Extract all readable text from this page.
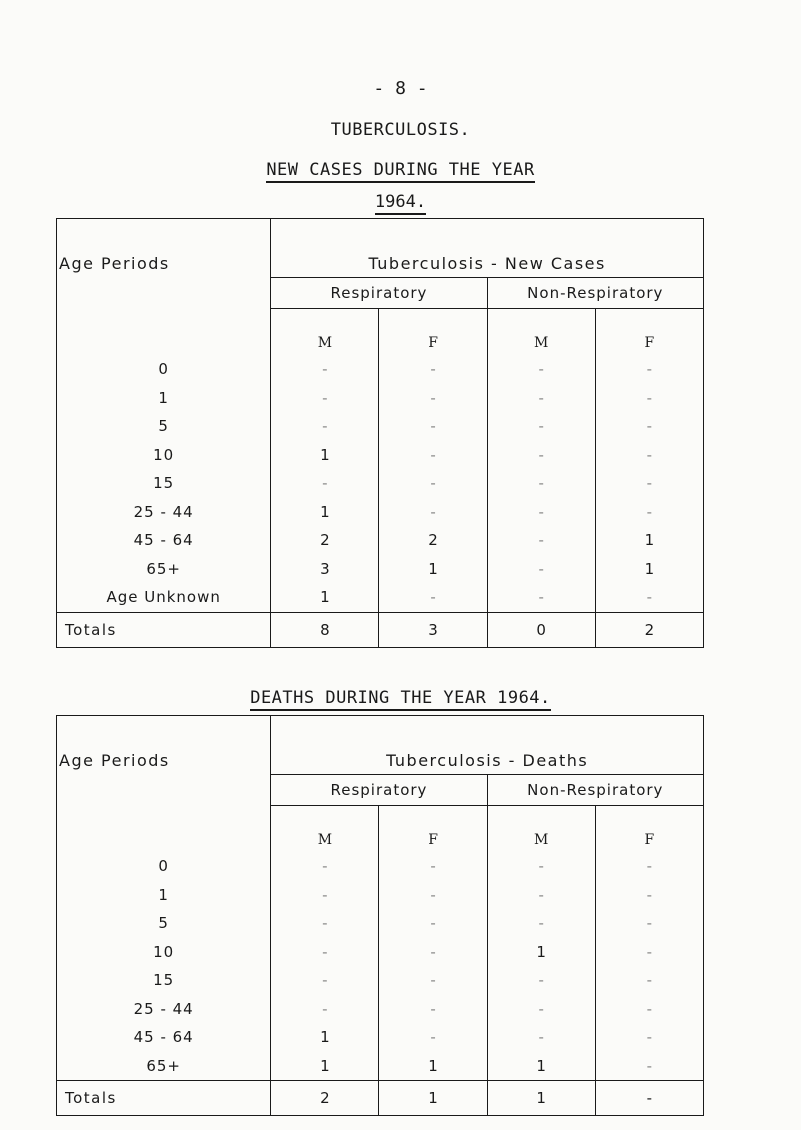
- 8 -
TUBERCULOSIS.
NEW CASES DURING THE YEAR
1964.
Age Periods	Tuberculosis - New Cases			
	Respiratory		Non-Respiratory	
	M	F	M	F
0	-	-	-	-
1	-	-	-	-
5	-	-	-	-
10	1	-	-	-
15	-	-	-	-
25 - 44	1	-	-	-
45 - 64	2	2	-	1
65+	3	1	-	1
Age Unknown	1	-	-	-
Totals	8	3	0	2
DEATHS DURING THE YEAR 1964.
Age Periods	Tuberculosis - Deaths			
	Respiratory		Non-Respiratory	
	M	F	M	F
0	-	-	-	-
1	-	-	-	-
5	-	-	-	-
10	-	-	1	-
15	-	-	-	-
25 - 44	-	-	-	-
45 - 64	1	-	-	-
65+	1	1	1	-
Totals	2	1	1	-
